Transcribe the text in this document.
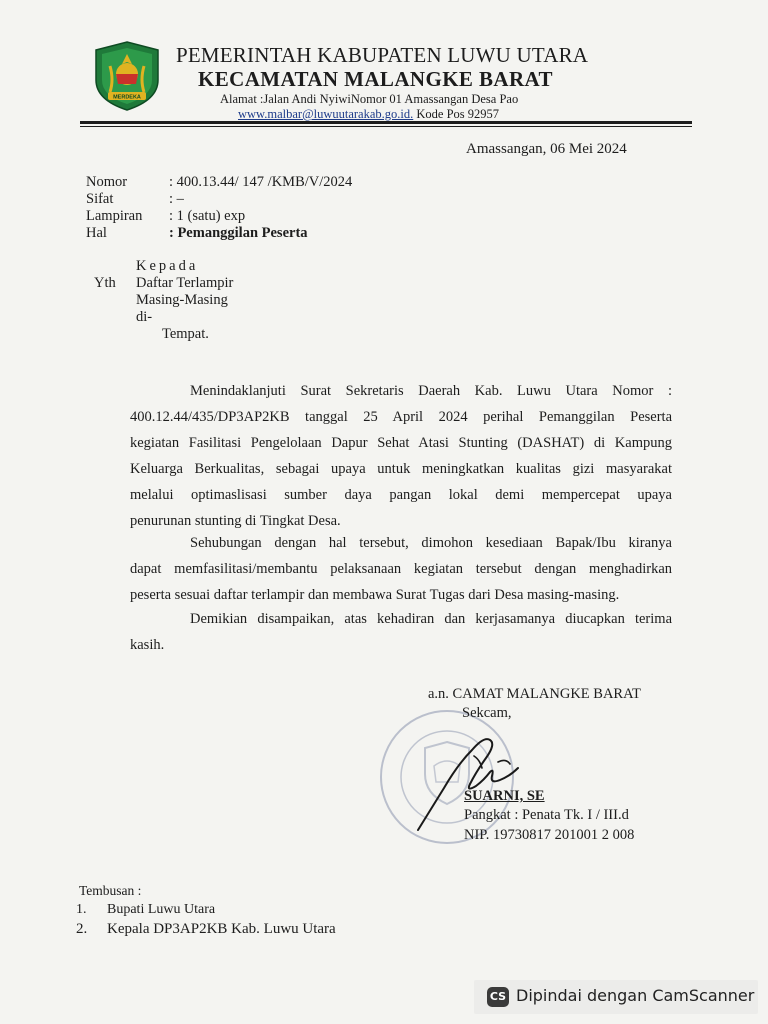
MERDEKA
PEMERINTAH KABUPATEN LUWU UTARA
KECAMATAN MALANGKE BARAT
Alamat :Jalan Andi NyiwiNomor 01 Amassangan Desa Pao
www.malbar@luwuutarakab.go.id. Kode Pos 92957
Amassangan, 06 Mei 2024
Nomor	: 400.13.44/ 147 /KMB/V/2024
Sifat	: –
Lampiran : 1 (satu) exp
Hal	: Pemanggilan Peserta
Kepada
Yth Daftar Terlampir
Masing-Masing
di-
Tempat.
Menindaklanjuti Surat Sekretaris Daerah Kab. Luwu Utara Nomor :
400.12.44/435/DP3AP2KB tanggal 25 April 2024 perihal Pemanggilan Peserta
kegiatan Fasilitasi Pengelolaan Dapur Sehat Atasi Stunting (DASHAT) di Kampung
Keluarga Berkualitas, sebagai upaya untuk meningkatkan kualitas gizi masyarakat
melalui optimaslisasi sumber daya pangan lokal demi mempercepat upaya
penurunan stunting di Tingkat Desa.
Sehubungan dengan hal tersebut, dimohon kesediaan Bapak/Ibu kiranya
dapat memfasilitasi/membantu pelaksanaan kegiatan tersebut dengan menghadirkan
peserta sesuai daftar terlampir dan membawa Surat Tugas dari Desa masing-masing.
Demikian disampaikan, atas kehadiran dan kerjasamanya diucapkan terima
kasih.
a.n. CAMAT MALANGKE BARAT
Sekcam,
SUARNI, SE
Pangkat : Penata Tk. I / III.d
NIP. 19730817 201001 2 008
Tembusan :
1. Bupati Luwu Utara
2. Kepala DP3AP2KB Kab. Luwu Utara
CS Dipindai dengan CamScanner
